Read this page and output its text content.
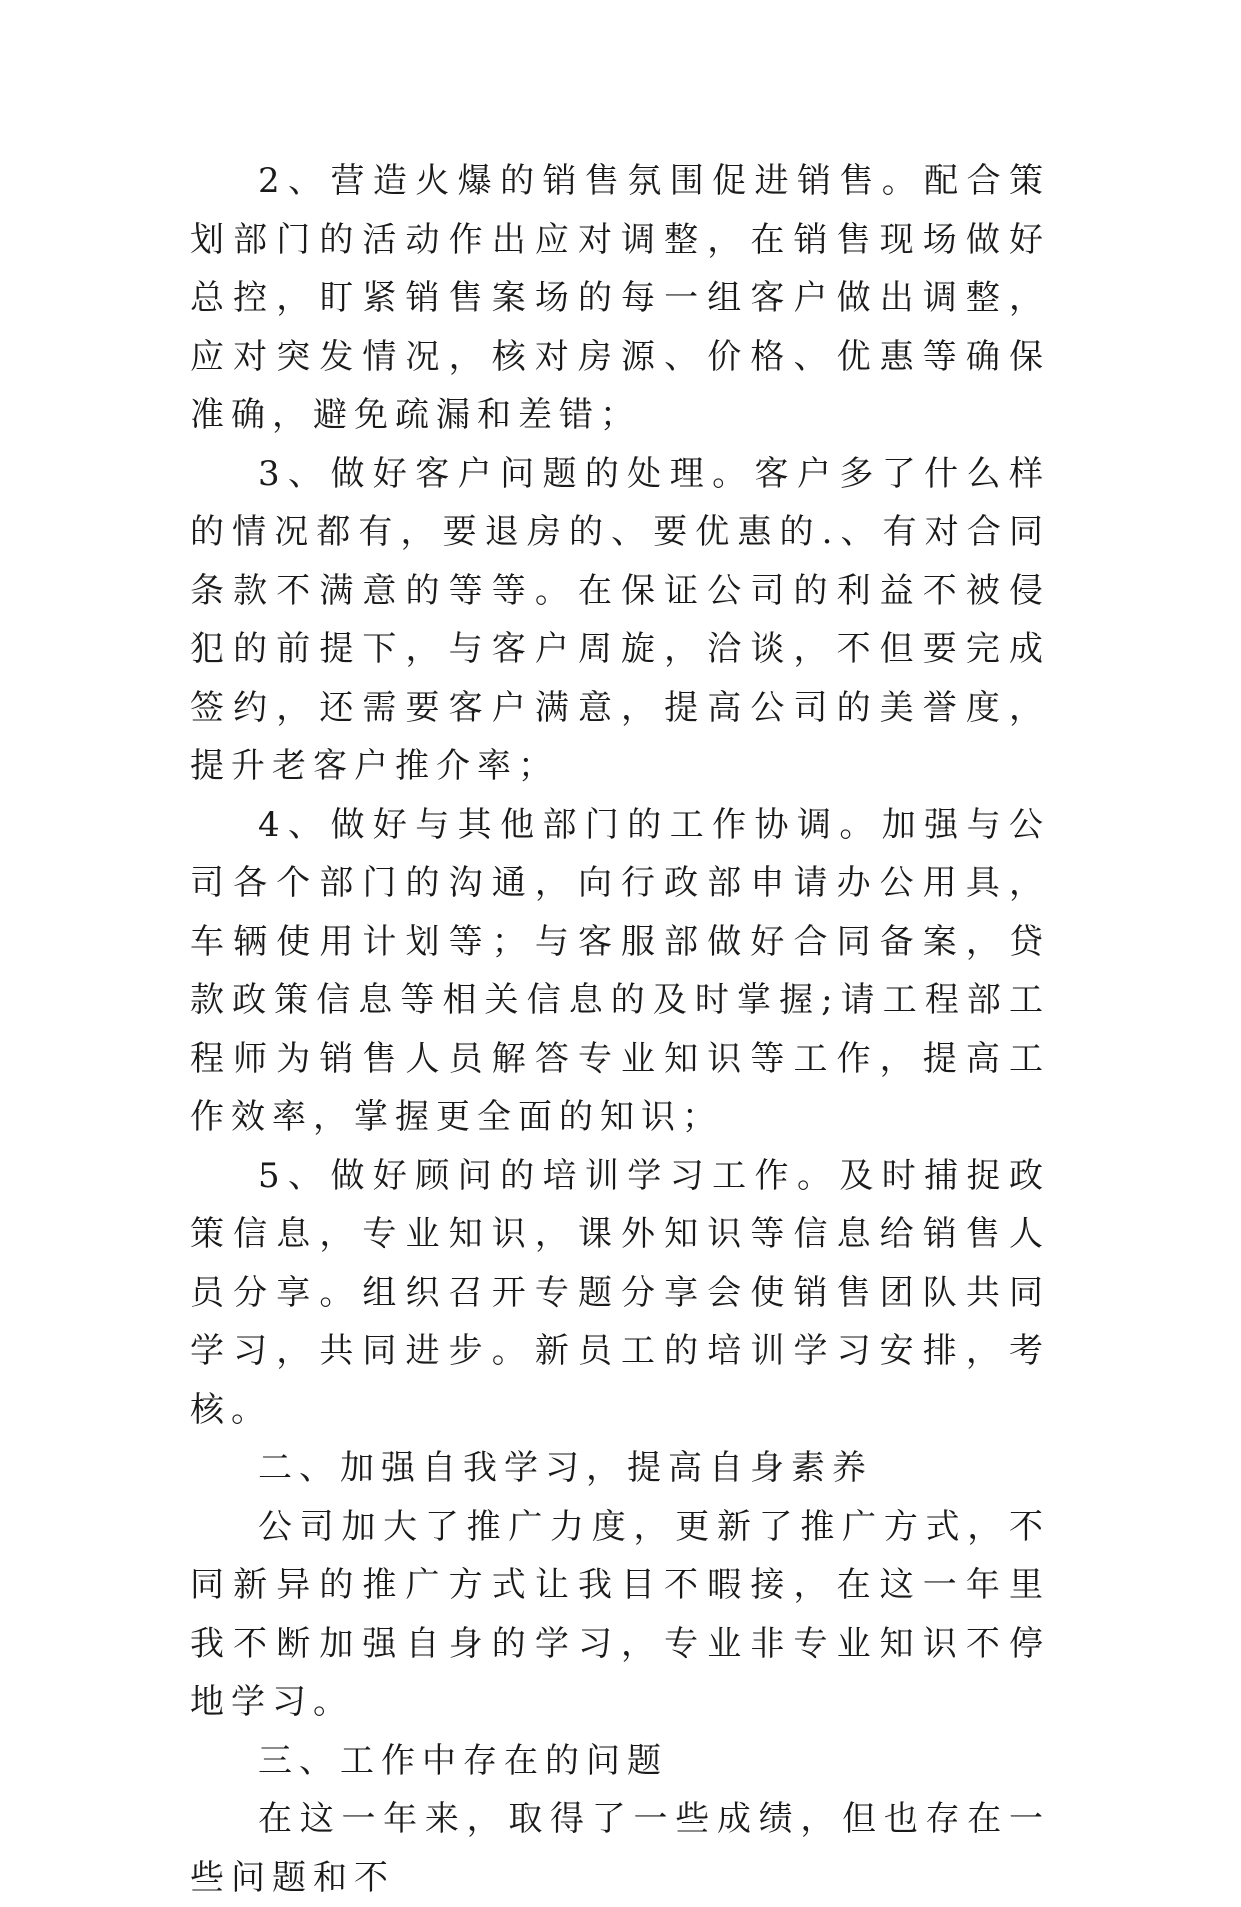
2、营造火爆的销售氛围促进销售。配合策划部门的活动作出应对调整，在销售现场做好总控，盯紧销售案场的每一组客户做出调整，应对突发情况，核对房源、价格、优惠等确保准确，避免疏漏和差错；

3、做好客户问题的处理。客户多了什么样的情况都有，要退房的、要优惠的.、有对合同条款不满意的等等。在保证公司的利益不被侵犯的前提下，与客户周旋，洽谈，不但要完成签约，还需要客户满意，提高公司的美誉度，提升老客户推介率；

4、做好与其他部门的工作协调。加强与公司各个部门的沟通，向行政部申请办公用具，车辆使用计划等；与客服部做好合同备案，贷款政策信息等相关信息的及时掌握;请工程部工程师为销售人员解答专业知识等工作，提高工作效率，掌握更全面的知识；

5、做好顾问的培训学习工作。及时捕捉政策信息，专业知识，课外知识等信息给销售人员分享。组织召开专题分享会使销售团队共同学习，共同进步。新员工的培训学习安排，考核。

二、加强自我学习，提高自身素养

公司加大了推广力度，更新了推广方式，不同新异的推广方式让我目不暇接，在这一年里我不断加强自身的学习，专业非专业知识不停地学习。

三、工作中存在的问题

在这一年来，取得了一些成绩，但也存在一些问题和不
